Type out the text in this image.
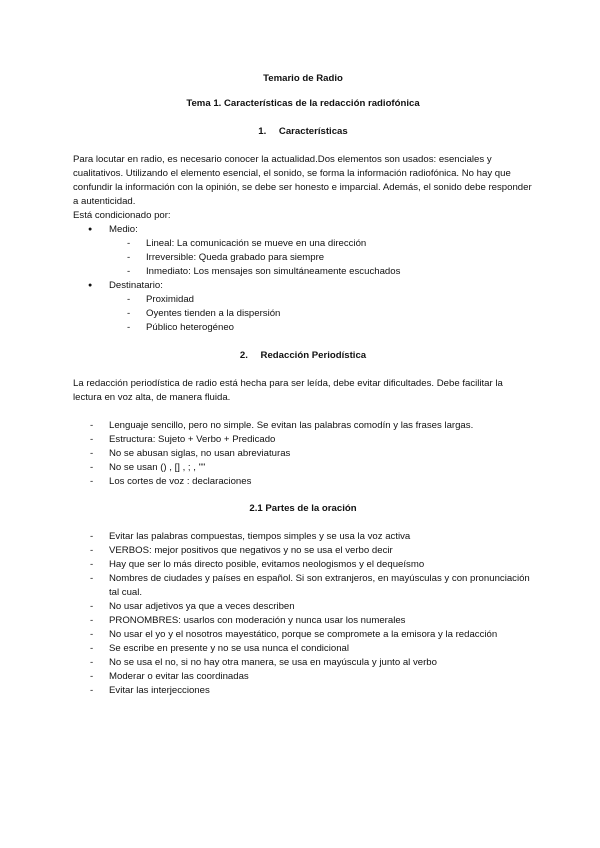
Temario de Radio
Tema 1. Características de la redacción radiofónica
1. Características

Para locutar en radio, es necesario conocer la actualidad.Dos elementos son usados: esenciales y cualitativos. Utilizando el elemento esencial, el sonido, se forma la información radiofónica. No hay que confundir la información con la opinión, se debe ser honesto e imparcial. Además, el sonido debe responder a autenticidad.

Está condicionado por:

● Medio:
- Lineal: La comunicación se mueve en una dirección
- Irreversible: Queda grabado para siempre
- Inmediato: Los mensajes son simultáneamente escuchados
● Destinatario:
- Proximidad
- Oyentes tienden a la dispersión
- Público heterogéneo
2. Redacción Periodística

La redacción periodística de radio está hecha para ser leída, debe evitar dificultades. Debe facilitar la lectura en voz alta, de manera fluida.

- Lenguaje sencillo, pero no simple. Se evitan las palabras comodín y las frases largas.
- Estructura: Sujeto + Verbo + Predicado
- No se abusan siglas, no usan abreviaturas
- No se usan () , [] , ; , ""
- Los cortes de voz : declaraciones
2.1 Partes de la oración
- Evitar las palabras compuestas, tiempos simples y se usa la voz activa
- VERBOS: mejor positivos que negativos y no se usa el verbo decir
- Hay que ser lo más directo posible, evitamos neologismos y el dequeísmo
- Nombres de ciudades y países en español. Si son extranjeros, en mayúsculas y con pronunciación tal cual.
- No usar adjetivos ya que a veces describen
- PRONOMBRES: usarlos con moderación y nunca usar los numerales
- No usar el yo y el nosotros mayestático, porque se compromete a la emisora y la redacción
- Se escribe en presente y no se usa nunca el condicional
- No se usa el no, si no hay otra manera, se usa en mayúscula y junto al verbo
- Moderar o evitar las coordinadas
- Evitar las interjecciones
